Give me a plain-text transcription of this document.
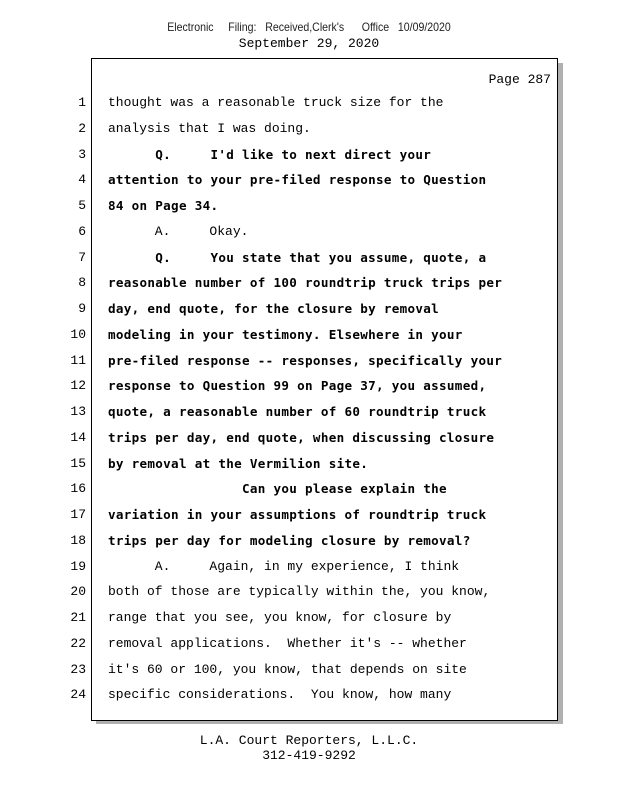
Electronic     Filing:   Received,Clerk's      Office   10/09/2020
September 29, 2020
Page 287
1 thought was a reasonable truck size for the
2 analysis that I was doing.
3 Q.     I'd like to next direct your
4 attention to your pre-filed response to Question
5 84 on Page 34.
6 A.     Okay.
7 Q.     You state that you assume, quote, a
8 reasonable number of 100 roundtrip truck trips per
9 day, end quote, for the closure by removal
10 modeling in your testimony. Elsewhere in your
11 pre-filed response -- responses, specifically your
12 response to Question 99 on Page 37, you assumed,
13 quote, a reasonable number of 60 roundtrip truck
14 trips per day, end quote, when discussing closure
15 by removal at the Vermilion site.
16 Can you please explain the
17 variation in your assumptions of roundtrip truck
18 trips per day for modeling closure by removal?
19 A.     Again, in my experience, I think
20 both of those are typically within the, you know,
21 range that you see, you know, for closure by
22 removal applications.  Whether it's -- whether
23 it's 60 or 100, you know, that depends on site
24 specific considerations.  You know, how many
L.A. Court Reporters, L.L.C.
312-419-9292
